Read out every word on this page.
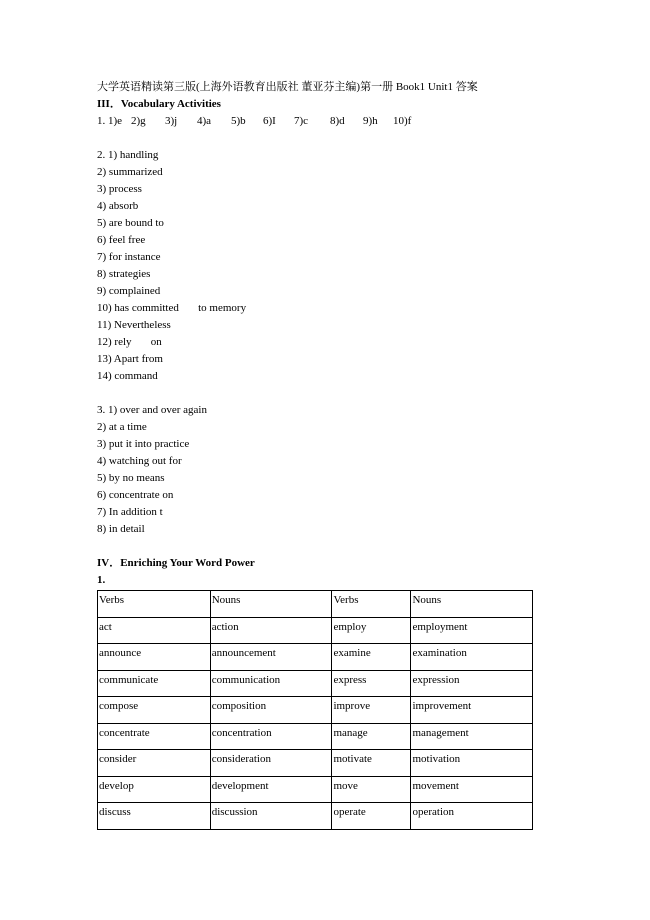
大学英语精读第三版(上海外语教育出版社 董亚芬主编)第一册 Book1 Unit1 答案
III．Vocabulary Activities
1. 1)e 2)g	3)j	4)a	5)b	6)I	7)c	8)d	9)h	10)f
2. 1) handling
2) summarized
3) process
4) absorb
5) are bound to
6) feel free
7) for instance
8) strategies
9) complained
10) has committed       to memory
11) Nevertheless
12) rely       on
13) Apart from
14) command
3. 1) over and over again
2) at a time
3) put it into practice
4) watching out for
5) by no means
6) concentrate on
7) In addition t
8) in detail
IV．Enriching Your Word Power
1.
Verbs	Nouns	Verbs	Nouns
act	action	employ	employment
announce	announcement	examine	examination
communicate	communication	express	expression
compose	composition	improve	improvement
concentrate	concentration	manage	management
consider	consideration	motivate	motivation
develop	development	move	movement
discuss	discussion	operate	operation
